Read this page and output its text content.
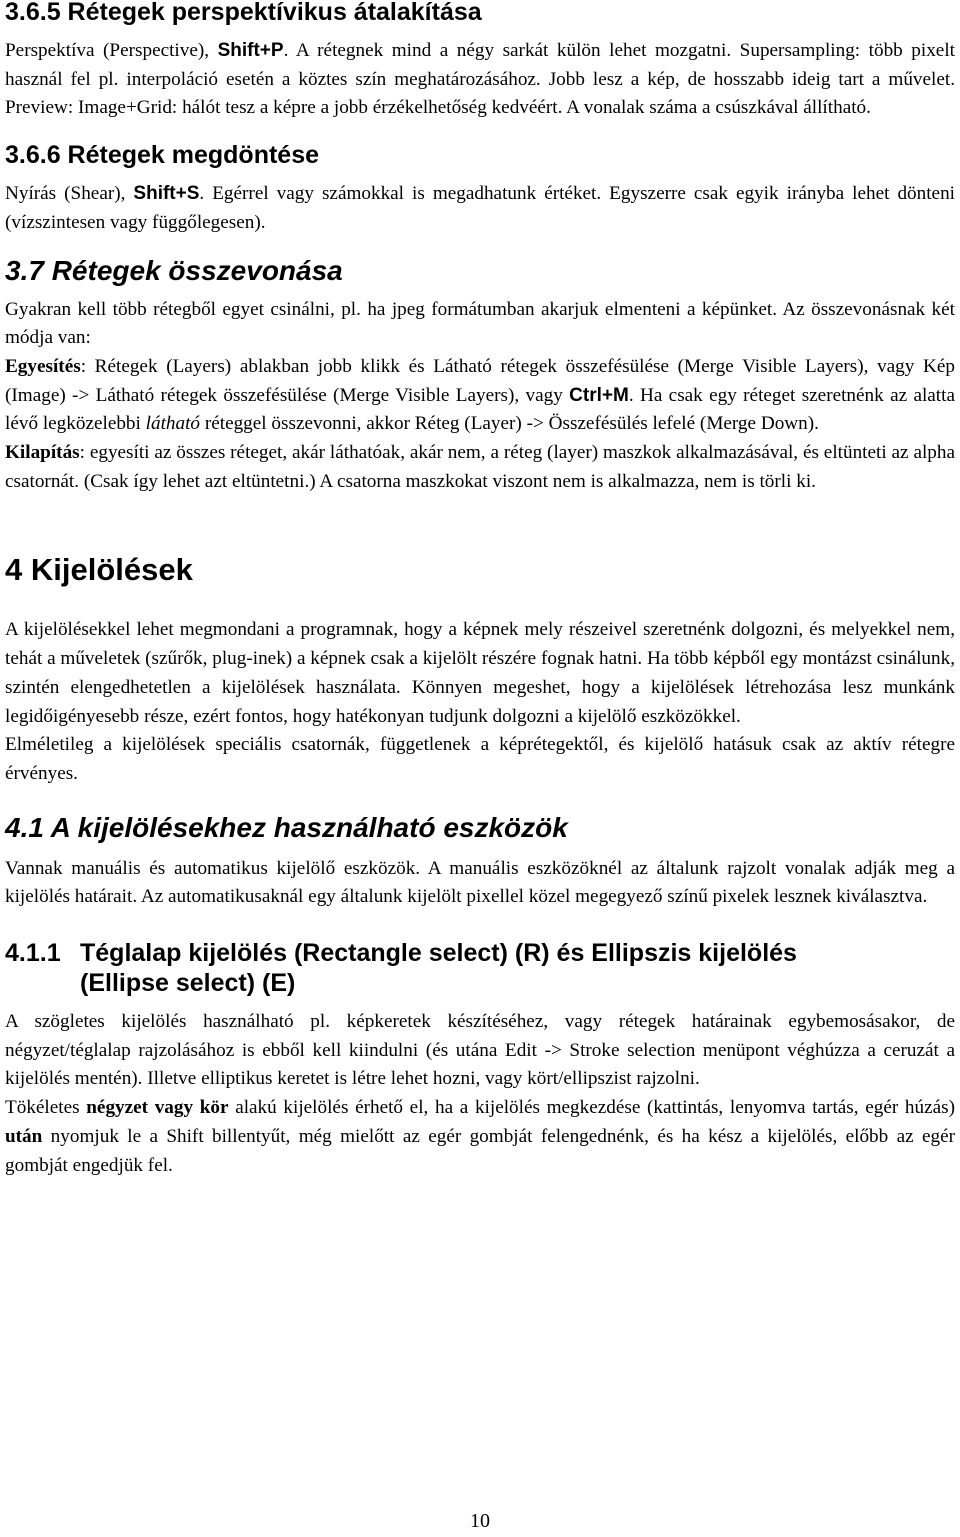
3.6.5 Rétegek perspektívikus átalakítása

Perspektíva (Perspective), Shift+P. A rétegnek mind a négy sarkát külön lehet mozgatni. Supersampling: több pixelt használ fel pl. interpoláció esetén a köztes szín meghatározásához. Jobb lesz a kép, de hosszabb ideig tart a művelet. Preview: Image+Grid: hálót tesz a képre a jobb érzékelhetőség kedvéért. A vonalak száma a csúszkával állítható.

3.6.6 Rétegek megdöntése

Nyírás (Shear), Shift+S. Egérrel vagy számokkal is megadhatunk értéket. Egyszerre csak egyik irányba lehet dönteni (vízszintesen vagy függőlegesen).

3.7 Rétegek összevonása

Gyakran kell több rétegből egyet csinálni, pl. ha jpeg formátumban akarjuk elmenteni a képünket. Az összevonásnak két módja van:

Egyesítés: Rétegek (Layers) ablakban jobb klikk és Látható rétegek összefésülése (Merge Visible Layers), vagy Kép (Image) -> Látható rétegek összefésülése (Merge Visible Layers), vagy Ctrl+M. Ha csak egy réteget szeretnénk az alatta lévő legközelebbi látható réteggel összevonni, akkor Réteg (Layer) -> Összefésülés lefelé (Merge Down).

Kilapítás: egyesíti az összes réteget, akár láthatóak, akár nem, a réteg (layer) maszkok alkalmazásával, és eltünteti az alpha csatornát. (Csak így lehet azt eltüntetni.) A csatorna maszkokat viszont nem is alkalmazza, nem is törli ki.

4 Kijelölések

A kijelölésekkel lehet megmondani a programnak, hogy a képnek mely részeivel szeretnénk dolgozni, és melyekkel nem, tehát a műveletek (szűrők, plug-inek) a képnek csak a kijelölt részére fognak hatni. Ha több képből egy montázst csinálunk, szintén elengedhetetlen a kijelölések használata. Könnyen megeshet, hogy a kijelölések létrehozása lesz munkánk legidőigényesebb része, ezért fontos, hogy hatékonyan tudjunk dolgozni a kijelölő eszközökkel.

Elméletileg a kijelölések speciális csatornák, függetlenek a képrétegektől, és kijelölő hatásuk csak az aktív rétegre érvényes.

4.1 A kijelölésekhez használható eszközök

Vannak manuális és automatikus kijelölő eszközök. A manuális eszközöknél az általunk rajzolt vonalak adják meg a kijelölés határait. Az automatikusaknál egy általunk kijelölt pixellel közel megegyező színű pixelek lesznek kiválasztva.

4.1.1 Téglalap kijelölés (Rectangle select) (R) és Ellipszis kijelölés
(Ellipse select) (E)

A szögletes kijelölés használható pl. képkeretek készítéséhez, vagy rétegek határainak egybemosásakor, de négyzet/téglalap rajzolásához is ebből kell kiindulni (és utána Edit -> Stroke selection menüpont véghúzza a ceruzát a kijelölés mentén). Illetve elliptikus keretet is létre lehet hozni, vagy kört/ellipszist rajzolni.

Tökéletes négyzet vagy kör alakú kijelölés érhető el, ha a kijelölés megkezdése (kattintás, lenyomva tartás, egér húzás) után nyomjuk le a Shift billentyűt, még mielőtt az egér gombját felengednénk, és ha kész a kijelölés, előbb az egér gombját engedjük fel.

10
